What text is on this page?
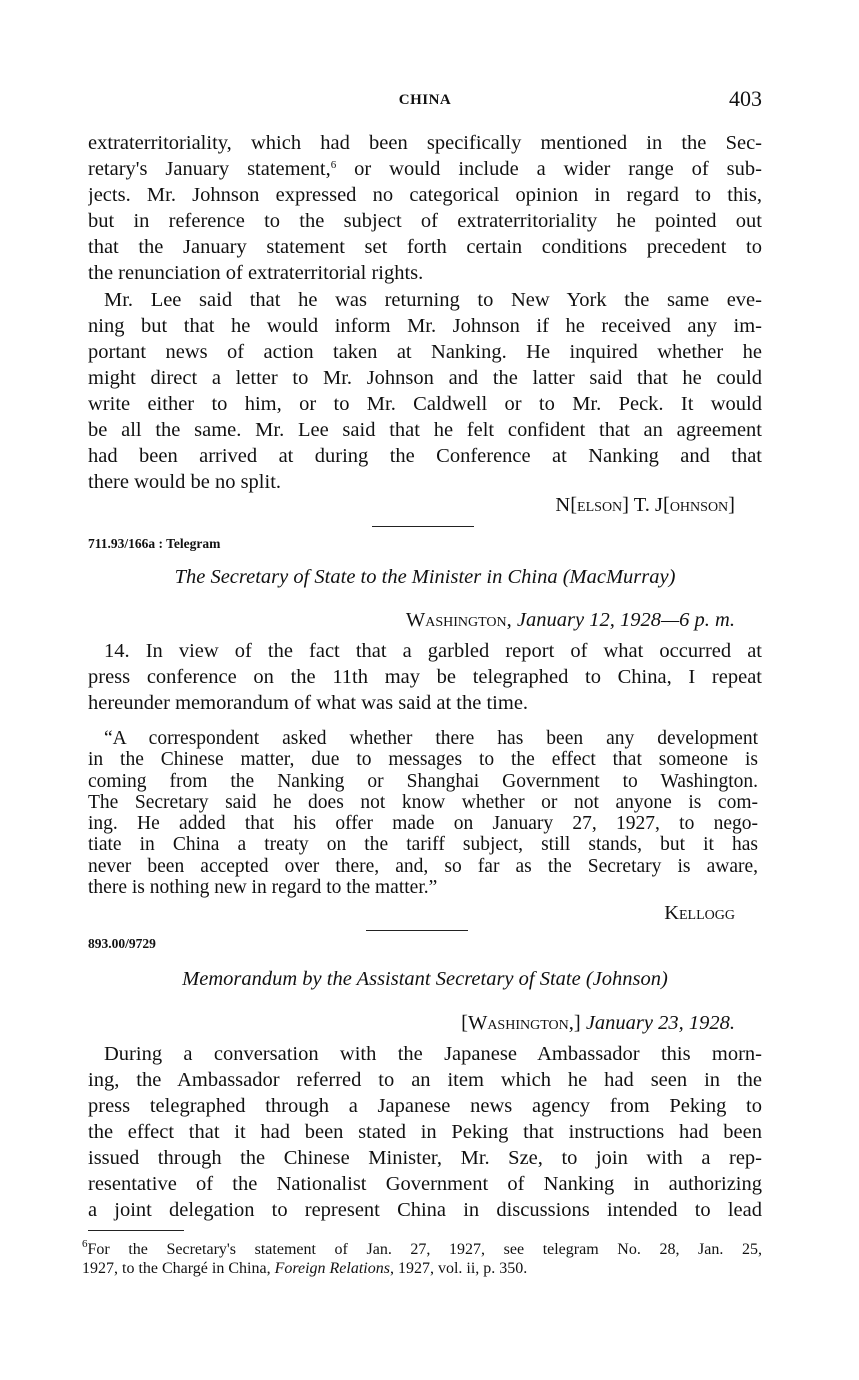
CHINA	403
extraterritoriality, which had been specifically mentioned in the Sec-
retary's January statement,$^6$ or would include a wider range of sub-
jects. Mr. Johnson expressed no categorical opinion in regard to this,
but in reference to the subject of extraterritoriality he pointed out
that the January statement set forth certain conditions precedent to
the renunciation of extraterritorial rights.
Mr. Lee said that he was returning to New York the same eve-
ning but that he would inform Mr. Johnson if he received any im-
portant news of action taken at Nanking. He inquired whether he
might direct a letter to Mr. Johnson and the latter said that he could
write either to him, or to Mr. Caldwell or to Mr. Peck. It would
be all the same. Mr. Lee said that he felt confident that an agreement
had been arrived at during the Conference at Nanking and that
there would be no split.
N[elson] T. J[ohnson]
711.93/166a : Telegram
The Secretary of State to the Minister in China (MacMurray)
Washington, January 12, 1928—6 p. m.
14. In view of the fact that a garbled report of what occurred at
press conference on the 11th may be telegraphed to China, I repeat
hereunder memorandum of what was said at the time.
“A correspondent asked whether there has been any development
in the Chinese matter, due to messages to the effect that someone is
coming from the Nanking or Shanghai Government to Washington.
The Secretary said he does not know whether or not anyone is com-
ing. He added that his offer made on January 27, 1927, to nego-
tiate in China a treaty on the tariff subject, still stands, but it has
never been accepted over there, and, so far as the Secretary is aware,
there is nothing new in regard to the matter.”
Kellogg
893.00/9729
Memorandum by the Assistant Secretary of State (Johnson)
[Washington,] January 23, 1928.
During a conversation with the Japanese Ambassador this morn-
ing, the Ambassador referred to an item which he had seen in the
press telegraphed through a Japanese news agency from Peking to
the effect that it had been stated in Peking that instructions had been
issued through the Chinese Minister, Mr. Sze, to join with a rep-
resentative of the Nationalist Government of Nanking in authorizing
a joint delegation to represent China in discussions intended to lead
$^6$For the Secretary's statement of Jan. 27, 1927, see telegram No. 28, Jan. 25,
1927, to the Chargé in China, Foreign Relations, 1927, vol. ii, p. 350.
